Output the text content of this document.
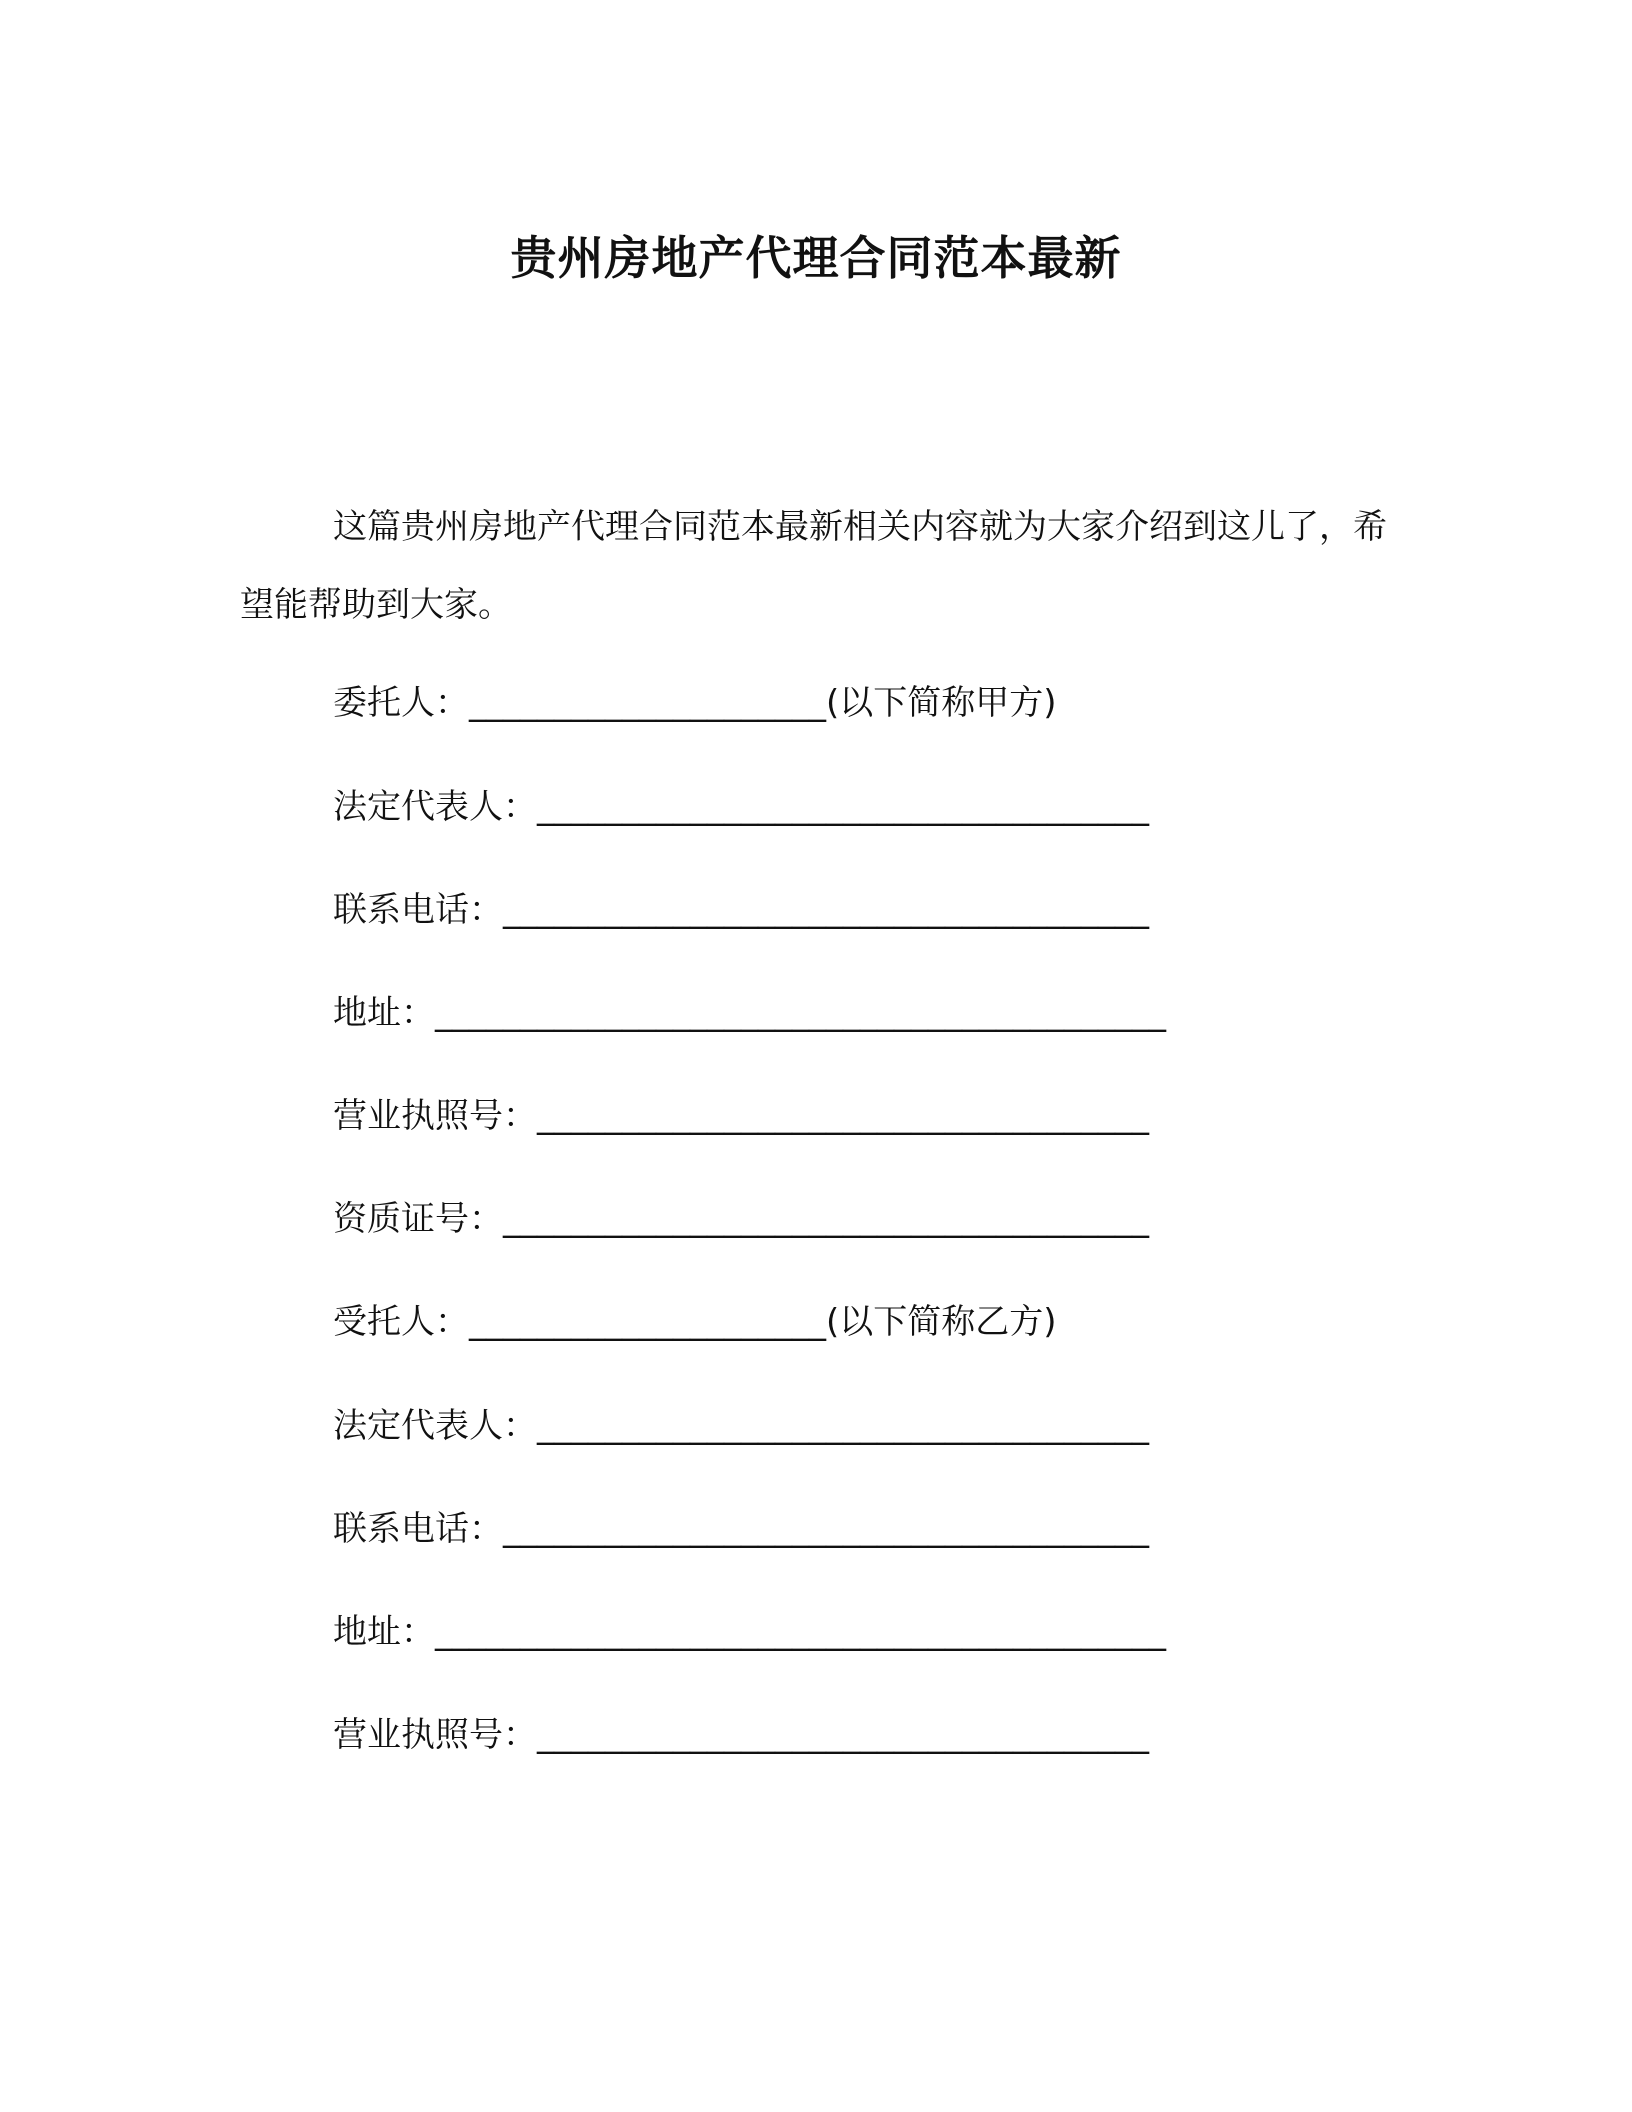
贵州房地产代理合同范本最新

这篇贵州房地产代理合同范本最新相关内容就为大家介绍到这儿了，希望能帮助到大家。

委托人：_____________________(以下简称甲方)
法定代表人：____________________________________
联系电话：______________________________________
地址：___________________________________________
营业执照号：____________________________________
资质证号：______________________________________
受托人：_____________________(以下简称乙方)
法定代表人：____________________________________
联系电话：______________________________________
地址：___________________________________________
营业执照号：____________________________________
